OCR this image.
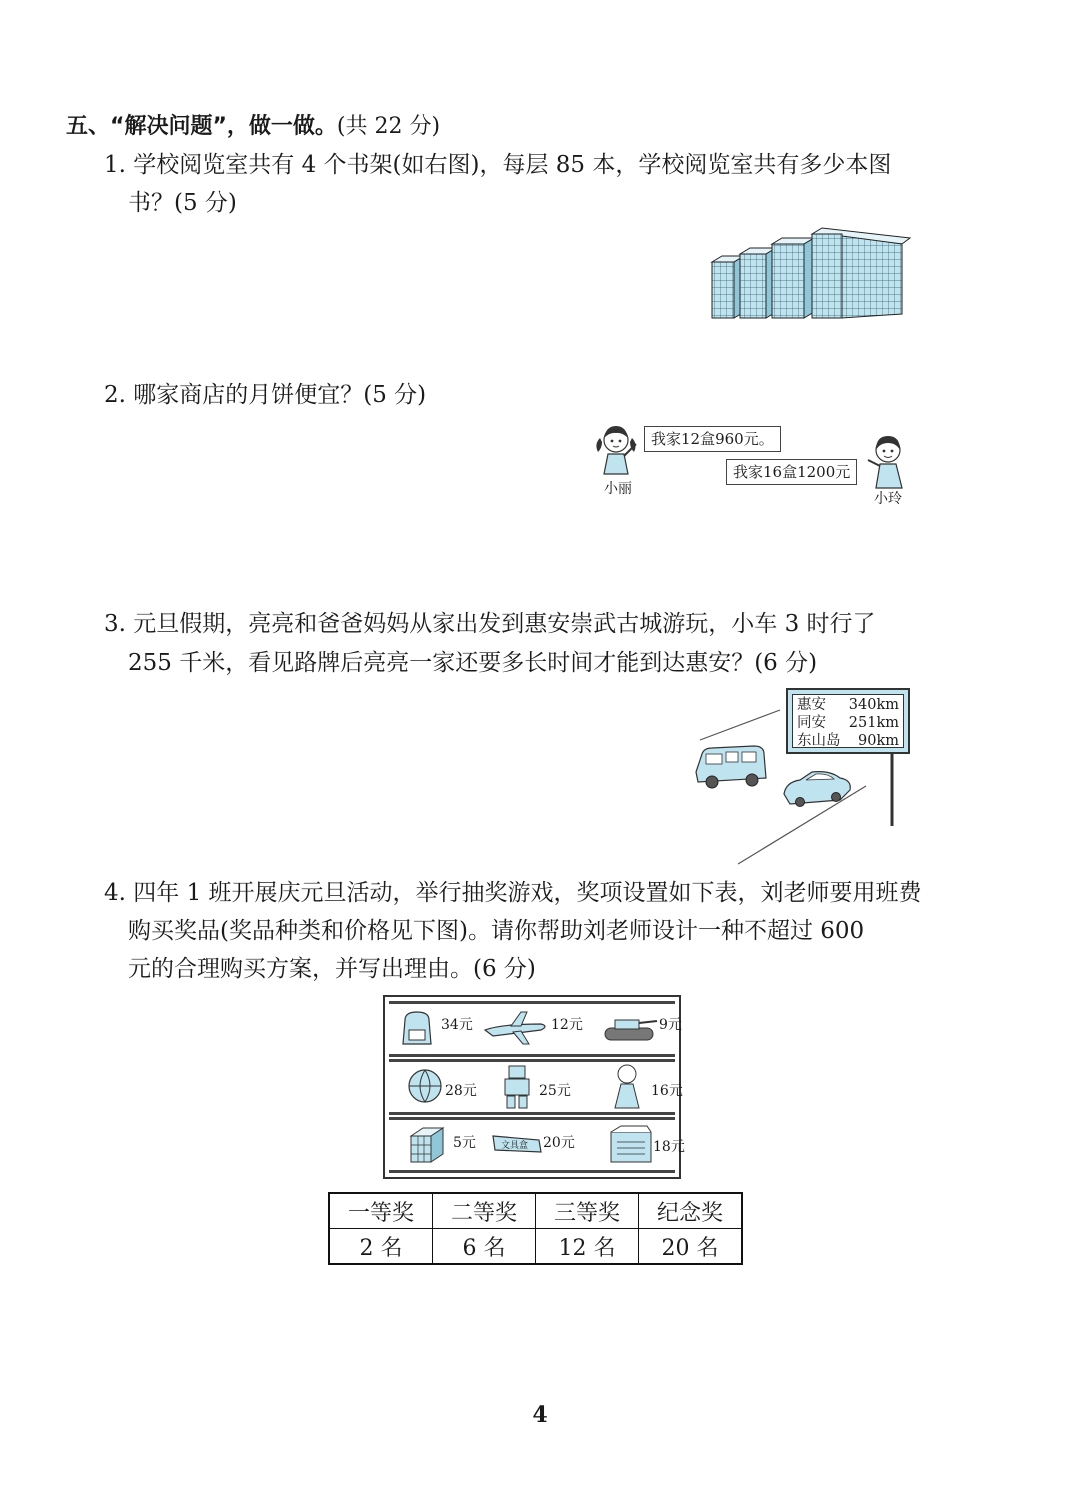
五、“解决问题”，做一做。(共 22 分)
1. 学校阅览室共有 4 个书架(如右图)，每层 85 本，学校阅览室共有多少本图
书？(5 分)
2. 哪家商店的月饼便宜？(5 分)
小丽
我家12盒960元。
我家16盒1200元
小玲
3. 元旦假期，亮亮和爸爸妈妈从家出发到惠安崇武古城游玩，小车 3 时行了
255 千米，看见路牌后亮亮一家还要多长时间才能到达惠安？(6 分)
惠安 340km
同安 251km
东山岛 90km
4. 四年 1 班开展庆元旦活动，举行抽奖游戏，奖项设置如下表，刘老师要用班费
购买奖品(奖品种类和价格见下图)。请你帮助刘老师设计一种不超过 600
元的合理购买方案，并写出理由。(6 分)
34元	12元	9元
28元	25元	16元
5元	文具盒 20元	18元
一等奖	二等奖	三等奖	纪念奖
2 名	6 名	12 名	20 名
4
